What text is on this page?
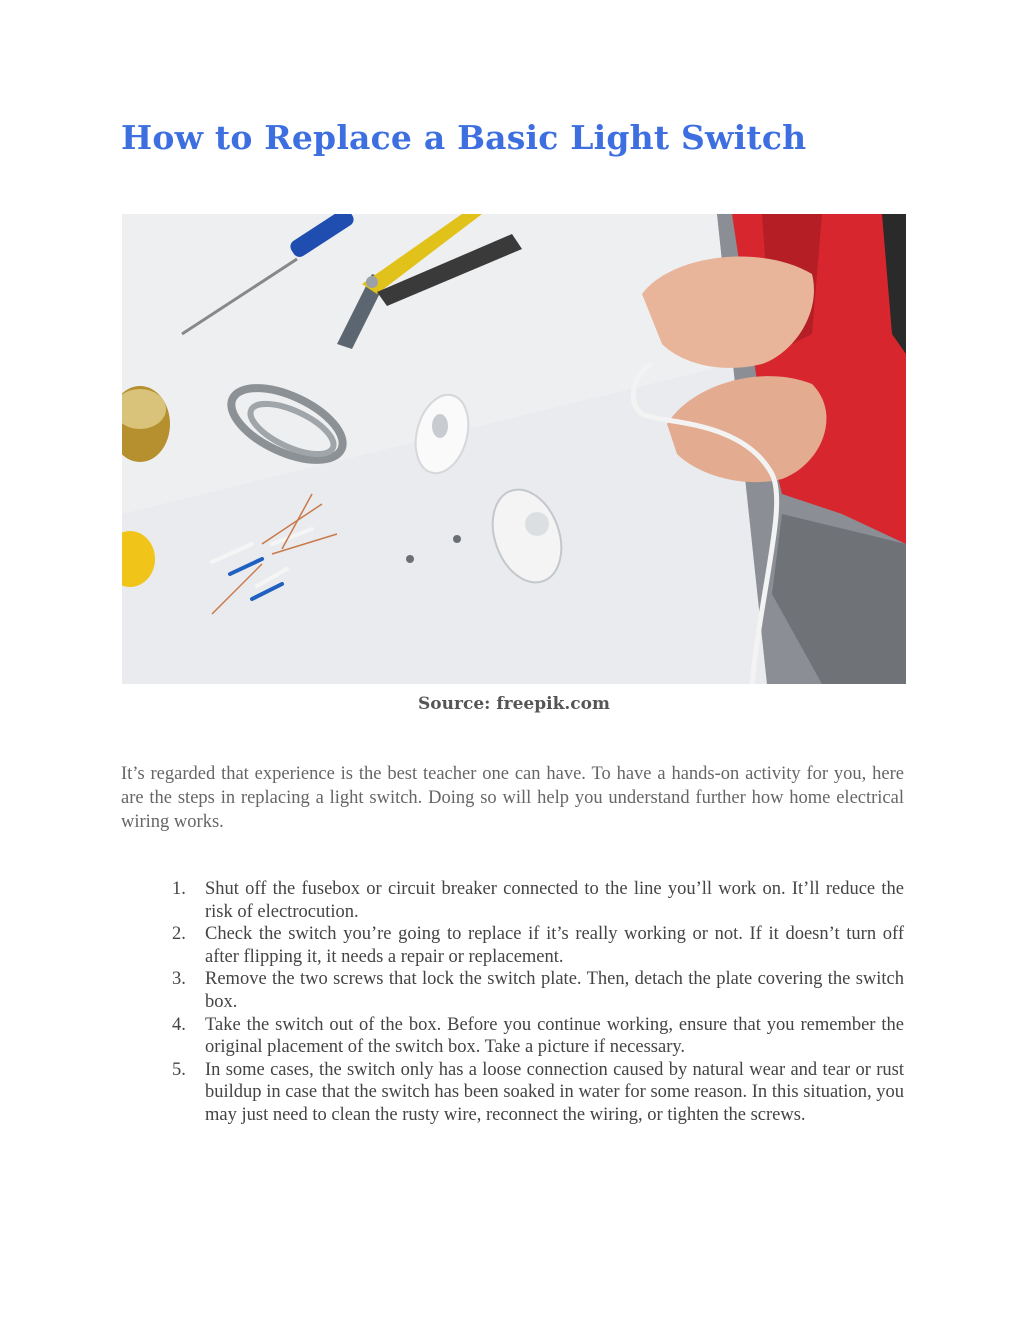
How to Replace a Basic Light Switch
Source: freepik.com

It’s regarded that experience is the best teacher one can have. To have a hands-on activity for you, here are the steps in replacing a light switch. Doing so will help you understand further how home electrical wiring works.

1. Shut off the fusebox or circuit breaker connected to the line you’ll work on. It’ll reduce the risk of electrocution.
2. Check the switch you’re going to replace if it’s really working or not. If it doesn’t turn off after flipping it, it needs a repair or replacement.
3. Remove the two screws that lock the switch plate. Then, detach the plate covering the switch box.
4. Take the switch out of the box. Before you continue working, ensure that you remember the original placement of the switch box. Take a picture if necessary.
5. In some cases, the switch only has a loose connection caused by natural wear and tear or rust buildup in case that the switch has been soaked in water for some reason. In this situation, you may just need to clean the rusty wire, reconnect the wiring, or tighten the screws.
